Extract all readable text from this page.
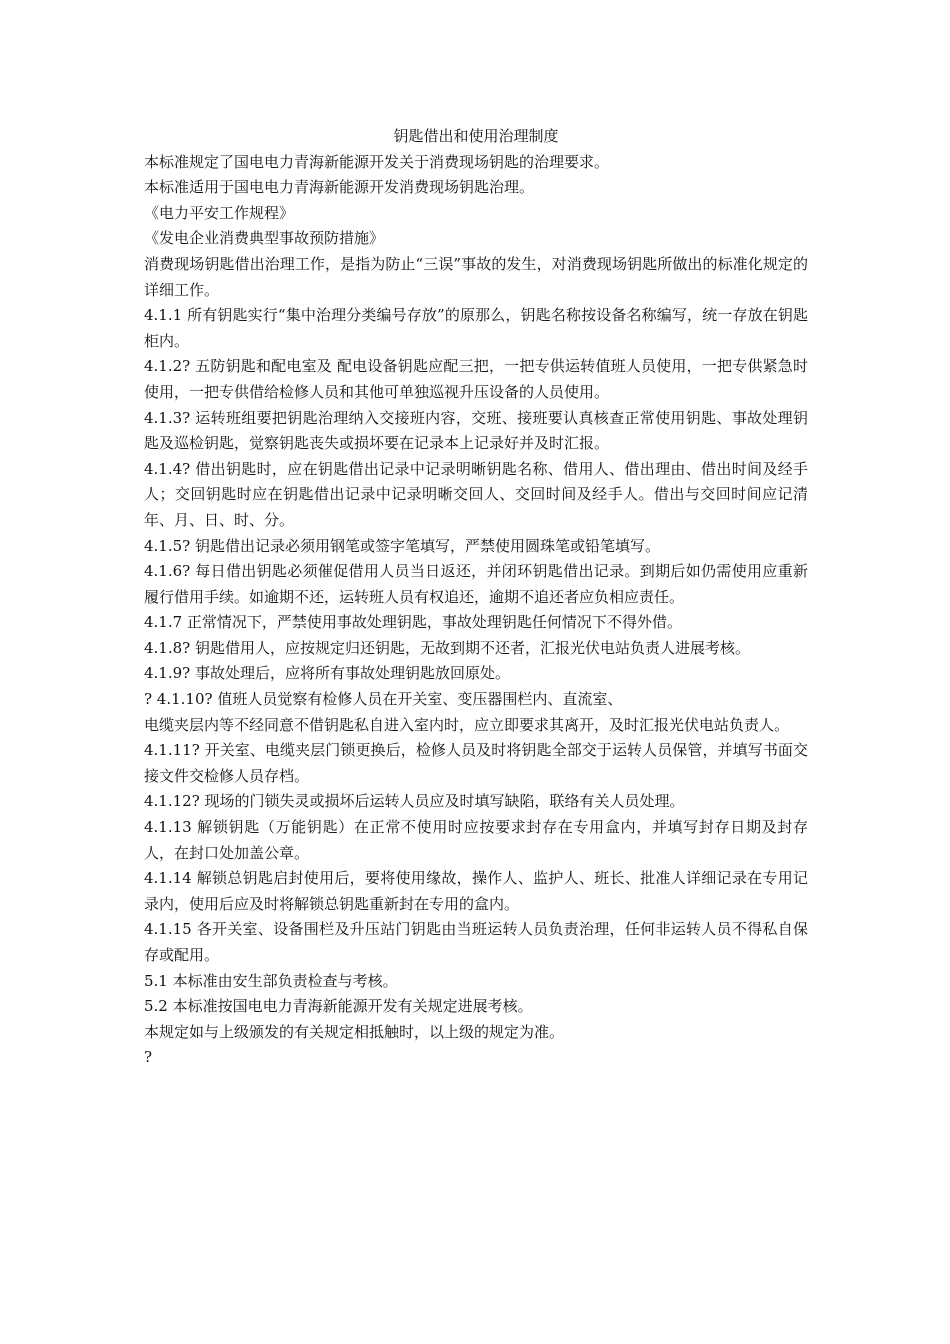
钥匙借出和使用治理制度

本标准规定了国电电力青海新能源开发关于消费现场钥匙的治理要求。

本标准适用于国电电力青海新能源开发消费现场钥匙治理。

《电力平安工作规程》

《发电企业消费典型事故预防措施》

消费现场钥匙借出治理工作，是指为防止“三误”事故的发生，对消费现场钥匙所做出的标准化规定的详细工作。

4.1.1 所有钥匙实行“集中治理分类编号存放”的原那么，钥匙名称按设备名称编写，统一存放在钥匙柜内。

4.1.2? 五防钥匙和配电室及 配电设备钥匙应配三把，一把专供运转值班人员使用，一把专供紧急时使用，一把专供借给检修人员和其他可单独巡视升压设备的人员使用。

4.1.3? 运转班组要把钥匙治理纳入交接班内容，交班、接班要认真核查正常使用钥匙、事故处理钥匙及巡检钥匙，觉察钥匙丧失或损坏要在记录本上记录好并及时汇报。

4.1.4? 借出钥匙时，应在钥匙借出记录中记录明晰钥匙名称、借用人、借出理由、借出时间及经手人；交回钥匙时应在钥匙借出记录中记录明晰交回人、交回时间及经手人。借出与交回时间应记清年、月、日、时、分。

4.1.5? 钥匙借出记录必须用钢笔或签字笔填写，严禁使用圆珠笔或铅笔填写。

4.1.6? 每日借出钥匙必须催促借用人员当日返还，并闭环钥匙借出记录。到期后如仍需使用应重新履行借用手续。如逾期不还，运转班人员有权追还，逾期不追还者应负相应责任。

4.1.7 正常情况下，严禁使用事故处理钥匙，事故处理钥匙任何情况下不得外借。

4.1.8? 钥匙借用人，应按规定归还钥匙，无故到期不还者，汇报光伏电站负责人进展考核。

4.1.9? 事故处理后，应将所有事故处理钥匙放回原处。

? 4.1.10? 值班人员觉察有检修人员在开关室、变压器围栏内、直流室、

电缆夹层内等不经同意不借钥匙私自进入室内时，应立即要求其离开，及时汇报光伏电站负责人。

4.1.11? 开关室、电缆夹层门锁更换后，检修人员及时将钥匙全部交于运转人员保管，并填写书面交接文件交检修人员存档。

4.1.12? 现场的门锁失灵或损坏后运转人员应及时填写缺陷，联络有关人员处理。

4.1.13 解锁钥匙（万能钥匙）在正常不使用时应按要求封存在专用盒内，并填写封存日期及封存人，在封口处加盖公章。

4.1.14 解锁总钥匙启封使用后，要将使用缘故，操作人、监护人、班长、批准人详细记录在专用记录内，使用后应及时将解锁总钥匙重新封在专用的盒内。

4.1.15 各开关室、设备围栏及升压站门钥匙由当班运转人员负责治理，任何非运转人员不得私自保存或配用。

5.1 本标准由安生部负责检查与考核。

5.2 本标准按国电电力青海新能源开发有关规定进展考核。

本规定如与上级颁发的有关规定相抵触时，以上级的规定为准。

?
